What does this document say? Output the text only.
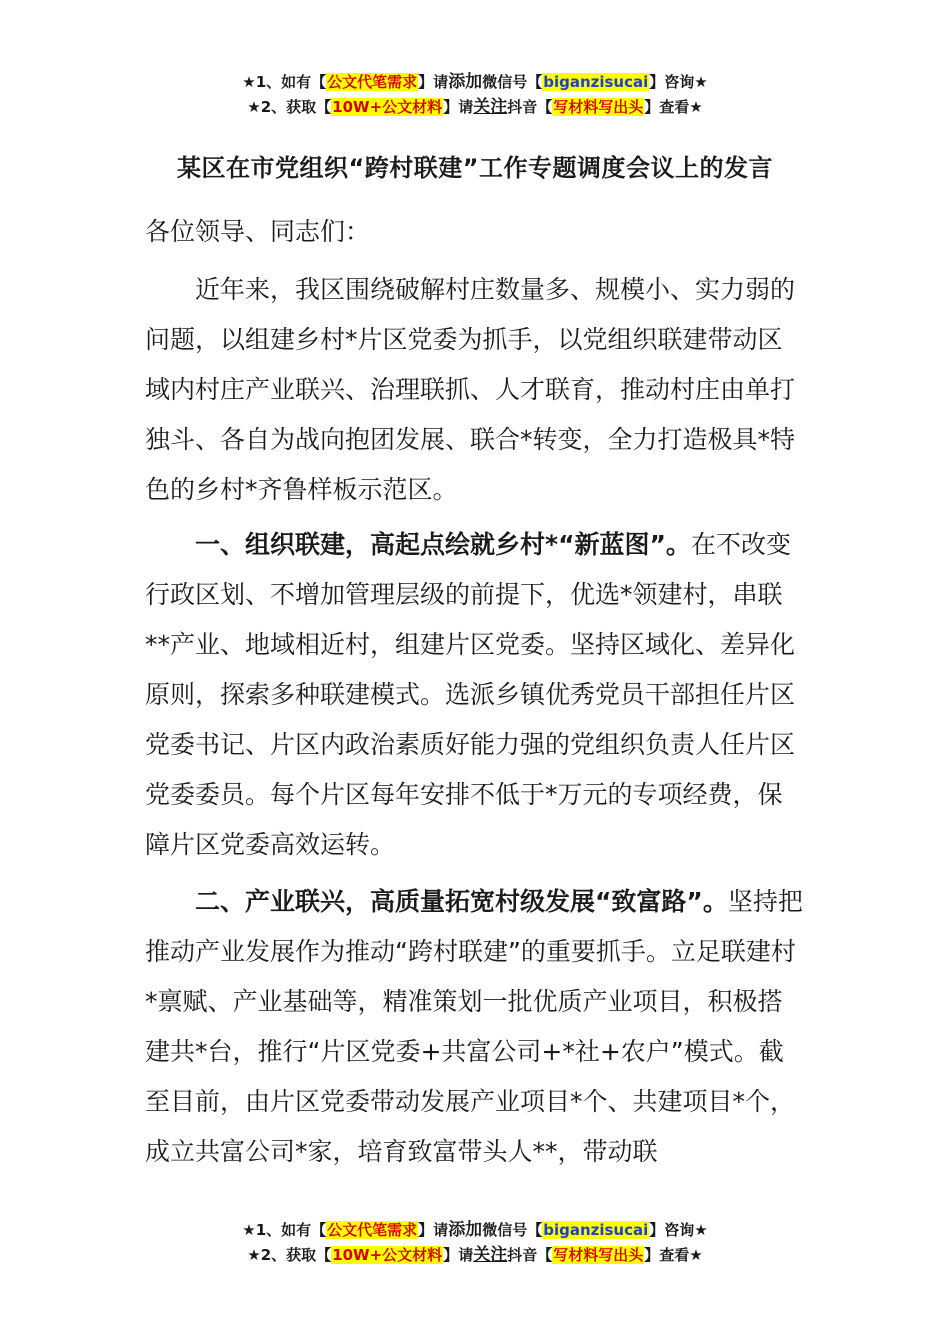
★1、如有【公文代笔需求】请添加微信号【biganzisucai】咨询★
★2、获取【10W+公文材料】请关注抖音【写材料写出头】查看★
某区在市党组织“跨村联建”工作专题调度会议上的发言
各位领导、同志们：

近年来，我区围绕破解村庄数量多、规模小、实力弱的问题，以组建乡村*片区党委为抓手，以党组织联建带动区域内村庄产业联兴、治理联抓、人才联育，推动村庄由单打独斗、各自为战向抱团发展、联合*转变，全力打造极具*特色的乡村*齐鲁样板示范区。

一、组织联建，高起点绘就乡村*“新蓝图”。在不改变行政区划、不增加管理层级的前提下，优选*领建村，串联**产业、地域相近村，组建片区党委。坚持区域化、差异化原则，探索多种联建模式。选派乡镇优秀党员干部担任片区党委书记、片区内政治素质好能力强的党组织负责人任片区党委委员。每个片区每年安排不低于*万元的专项经费，保障片区党委高效运转。

二、产业联兴，高质量拓宽村级发展“致富路”。坚持把推动产业发展作为推动“跨村联建”的重要抓手。立足联建村*禀赋、产业基础等，精准策划一批优质产业项目，积极搭建共*台，推行“片区党委+共富公司+*社+农户”模式。截至目前，由片区党委带动发展产业项目*个、共建项目*个，成立共富公司*家，培育致富带头人**，带动联

★1、如有【公文代笔需求】请添加微信号【biganzisucai】咨询★
★2、获取【10W+公文材料】请关注抖音【写材料写出头】查看★
